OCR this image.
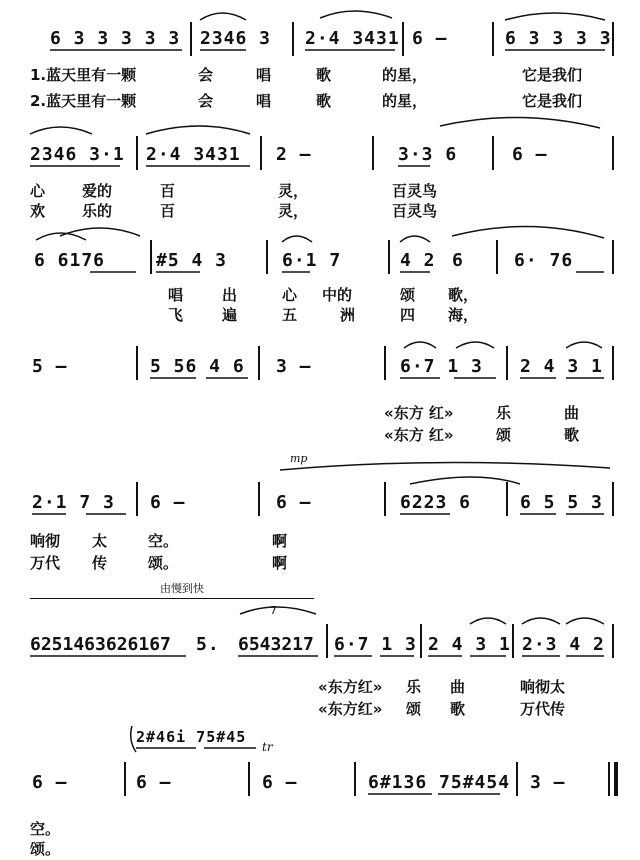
6 3 3 3 3 3 2346 3 2·4 3431 6 –	6 3 3 3 3
1.蓝天里有一颗	会	唱	歌	的星，	它是我们
2.蓝天里有一颗	会	唱	歌	的星，	它是我们
2346 3·1 2·4 3431 2 –	3·3 6	6 –
心 爱的	百	灵，	百灵鸟
欢 乐的	百	灵，	百灵鸟
6 6176	#5 4 3	6·1 7	4 2 6	6· 76
唱	出	心 中的	颂 歌，
飞	遍	五	洲	四 海，
5 –	5 56 4 6 3 –	6·7 1 3 2 4 3 1
«东方 红»	乐	曲
«东方 红»	颂	歌
mp
2·1 7 3 6 –	6 –	6223 6	6 5 5 3
响彻 太	空。	啊
万代 传	颂。	啊
由慢到快
7
6251463626167 5. 6543217 6·7 1 3 2 4 3 1 2·3 4 2
«东方红» 乐 曲	响彻太
«东方红» 颂 歌	万代传
2#46i 75#45
tr
6 –	6 –	6 –	6#136 75#454 3 –
空。
颂。
